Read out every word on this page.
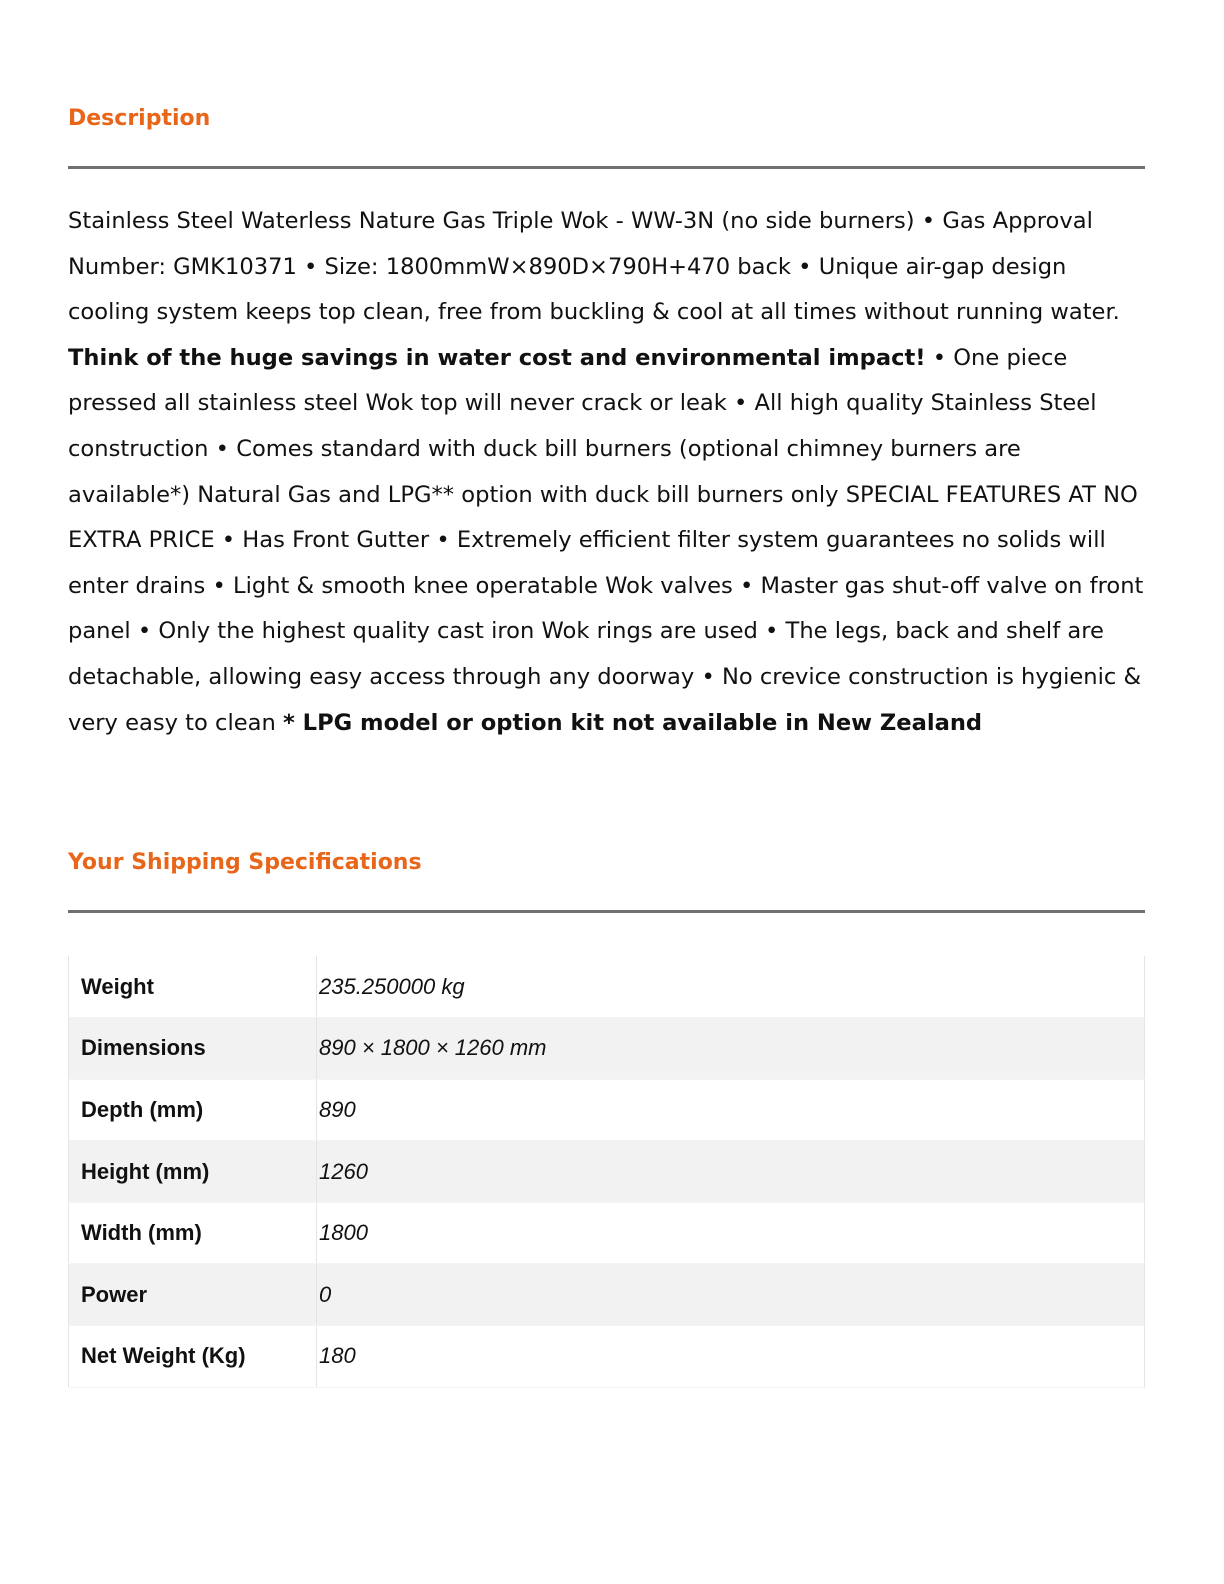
Description

Stainless Steel Waterless Nature Gas Triple Wok - WW-3N (no side burners) • Gas Approval Number: GMK10371 • Size: 1800mmW×890D×790H+470 back • Unique air-gap design cooling system keeps top clean, free from buckling & cool at all times without running water. Think of the huge savings in water cost and environmental impact! • One piece pressed all stainless steel Wok top will never crack or leak • All high quality Stainless Steel construction • Comes standard with duck bill burners (optional chimney burners are available*) Natural Gas and LPG** option with duck bill burners only SPECIAL FEATURES AT NO EXTRA PRICE • Has Front Gutter • Extremely efficient filter system guarantees no solids will enter drains • Light & smooth knee operatable Wok valves • Master gas shut-off valve on front panel • Only the highest quality cast iron Wok rings are used • The legs, back and shelf are detachable, allowing easy access through any doorway • No crevice construction is hygienic & very easy to clean * LPG model or option kit not available in New Zealand

Your Shipping Specifications
Weight	235.250000 kg
Dimensions	890 × 1800 × 1260 mm
Depth (mm)	890
Height (mm)	1260
Width (mm)	1800
Power	0
Net Weight (Kg)	180
